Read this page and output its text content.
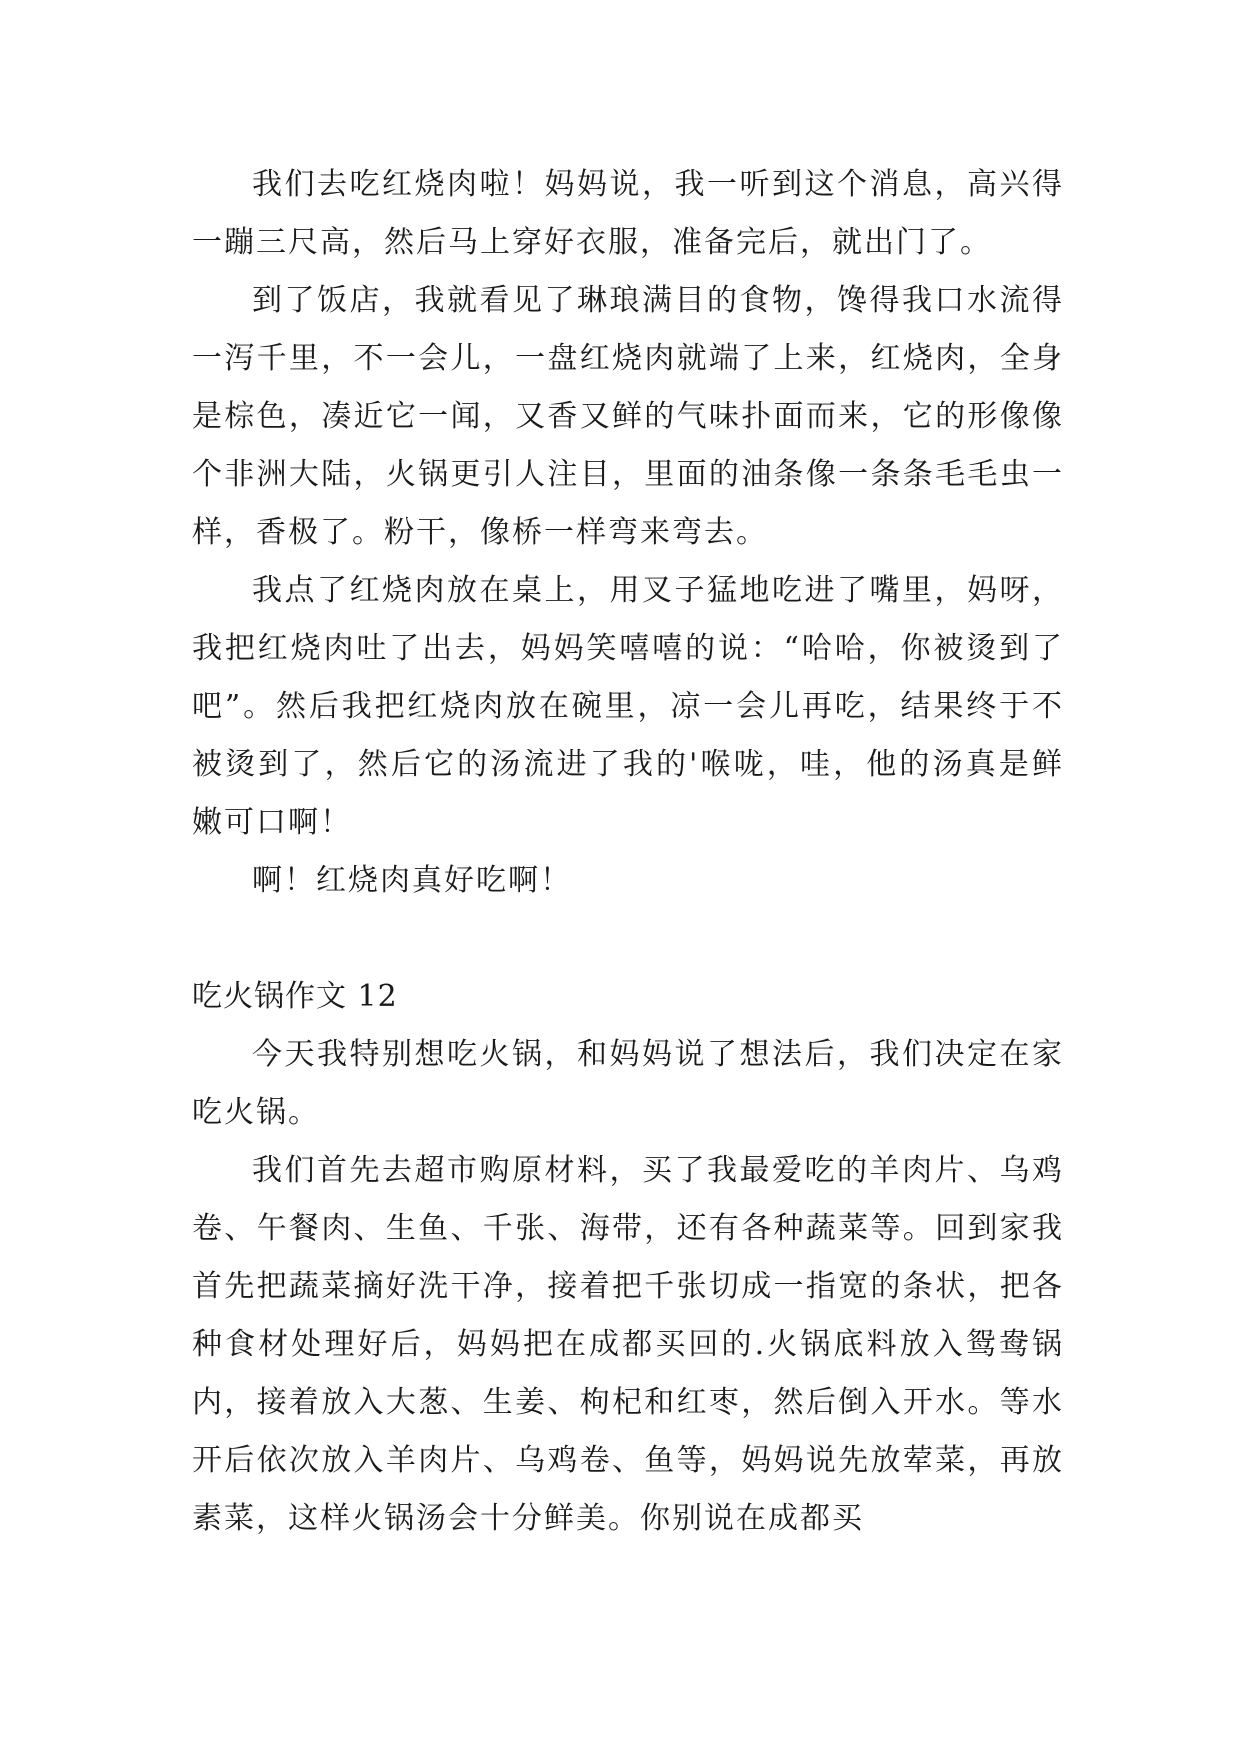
我们去吃红烧肉啦！妈妈说，我一听到这个消息，高兴得一蹦三尺高，然后马上穿好衣服，准备完后，就出门了。

到了饭店，我就看见了琳琅满目的食物，馋得我口水流得一泻千里，不一会儿，一盘红烧肉就端了上来，红烧肉，全身是棕色，凑近它一闻，又香又鲜的气味扑面而来，它的形像像个非洲大陆，火锅更引人注目，里面的油条像一条条毛毛虫一样，香极了。粉干，像桥一样弯来弯去。

我点了红烧肉放在桌上，用叉子猛地吃进了嘴里，妈呀，我把红烧肉吐了出去，妈妈笑嘻嘻的说：“哈哈，你被烫到了吧”。然后我把红烧肉放在碗里，凉一会儿再吃，结果终于不被烫到了，然后它的汤流进了我的'喉咙，哇，他的汤真是鲜嫩可口啊！

啊！红烧肉真好吃啊！

吃火锅作文 12

今天我特别想吃火锅，和妈妈说了想法后，我们决定在家吃火锅。

我们首先去超市购原材料，买了我最爱吃的羊肉片、乌鸡卷、午餐肉、生鱼、千张、海带，还有各种蔬菜等。回到家我首先把蔬菜摘好洗干净，接着把千张切成一指宽的条状，把各种食材处理好后，妈妈把在成都买回的.火锅底料放入鸳鸯锅内，接着放入大葱、生姜、枸杞和红枣，然后倒入开水。等水开后依次放入羊肉片、乌鸡卷、鱼等，妈妈说先放荤菜，再放素菜，这样火锅汤会十分鲜美。你别说在成都买
